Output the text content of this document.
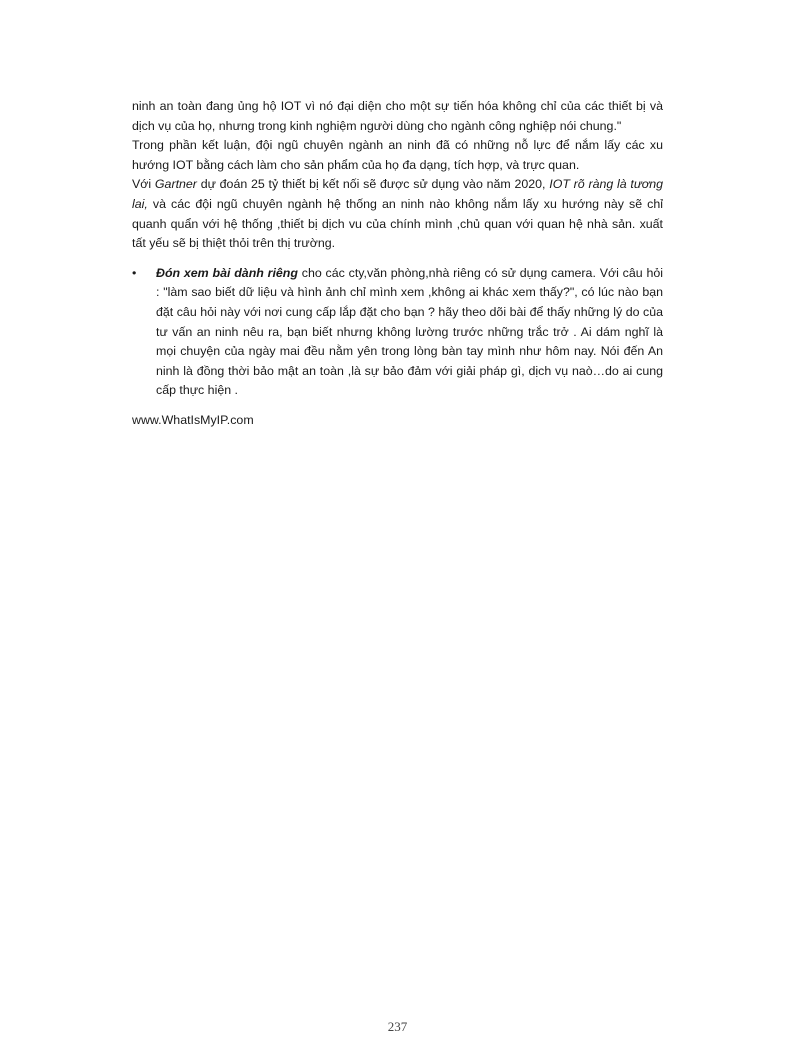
ninh an toàn đang ủng hộ IOT vì nó đại diện cho một sự tiến hóa không chỉ của các thiết bị và dịch vụ của họ, nhưng trong kinh nghiệm người dùng cho ngành công nghiệp nói chung."

Trong phần kết luận, đội ngũ chuyên ngành an ninh đã có những nỗ lực để nắm lấy các xu hướng IOT bằng cách làm cho sản phẩm của họ đa dạng, tích hợp, và trực quan.

Với Gartner dự đoán 25 tỷ thiết bị kết nối sẽ được sử dụng vào năm 2020, IOT rõ ràng là tương lai, và các đội ngũ chuyên ngành hệ thống an ninh nào không nắm lấy xu hướng này sẽ chỉ quanh quẩn với hệ thống ,thiết bị dịch vu của chính mình ,chủ quan với quan hệ nhà sản. xuất tất yếu sẽ bị thiệt thỏi trên thị trường.

• Đón xem bài dành riêng cho các cty,văn phòng,nhà riêng có sử dụng camera. Với câu hỏi : "làm sao biết dữ liệu và hình ảnh chỉ mình xem ,không ai khác xem thấy?", có lúc nào bạn đặt câu hỏi này với nơi cung cấp lắp đặt cho bạn ? hãy theo dõi bài để thấy những lý do của tư vấn an ninh nêu ra, bạn biết nhưng không lường trước những trắc trở . Ai dám nghĩ là mọi chuyện của ngày mai đều nằm yên trong lòng bàn tay mình như hôm nay. Nói đến An ninh là đồng thời bảo mật an toàn ,là sự bảo đảm với giải pháp gì, dịch vụ naò…do ai cung cấp thực hiện .

www.WhatIsMyIP.com

237
